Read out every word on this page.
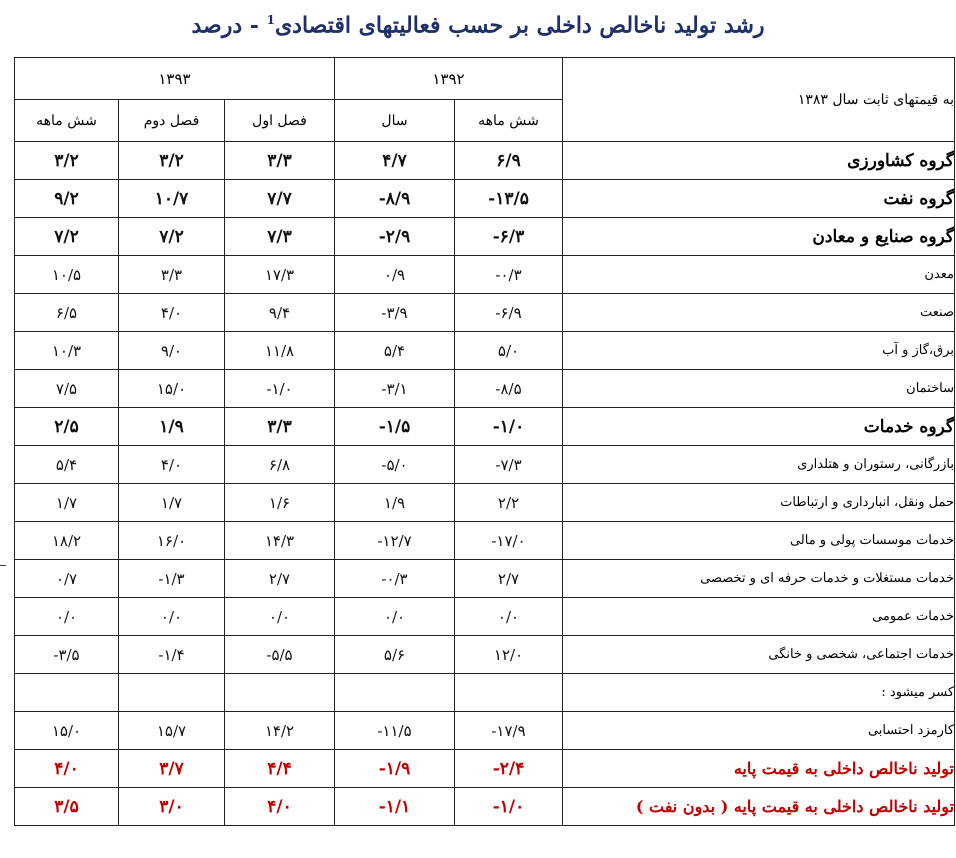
رشد تولید ناخالص داخلی بر حسب فعالیتهای اقتصادی$^1$ - درصد
به قیمتهای ثابت سال ۱۳۸۳	۱۳۹۲		۱۳۹۳		
	شش ماهه	سال	فصل اول	فصل دوم	شش ماهه
گروه کشاورزی	۶/۹	۴/۷	۳/۳	۳/۲	۳/۲
گروه نفت	-۱۳/۵	-۸/۹	۷/۷	۱۰/۷	۹/۲
گروه صنایع و معادن	-۶/۳	-۲/۹	۷/۳	۷/۲	۷/۲
معدن	-۰/۳	۰/۹	۱۷/۳	۳/۳	۱۰/۵
صنعت	-۶/۹	-۳/۹	۹/۴	۴/۰	۶/۵
برق،گاز و آب	۵/۰	۵/۴	۱۱/۸	۹/۰	۱۰/۳
ساختمان	-۸/۵	-۳/۱	-۱/۰	۱۵/۰	۷/۵
گروه خدمات	-۱/۰	-۱/۵	۳/۳	۱/۹	۲/۵
بازرگانی، رستوران و هتلداری	-۷/۳	-۵/۰	۶/۸	۴/۰	۵/۴
حمل ونقل، انبارداری و ارتباطات	۲/۲	۱/۹	۱/۶	۱/۷	۱/۷
خدمات موسسات پولی و مالی	-۱۷/۰	-۱۲/۷	۱۴/۳	۱۶/۰	۱۸/۲
خدمات مستغلات و خدمات حرفه ای و تخصصی	۲/۷	-۰/۳	۲/۷	-۱/۳	۰/۷
خدمات عمومی	۰/۰	۰/۰	۰/۰	۰/۰	۰/۰
خدمات اجتماعی، شخصی و خانگی	۱۲/۰	۵/۶	-۵/۵	-۱/۴	-۳/۵
کسر میشود :					
کارمزد احتسابی	-۱۷/۹	-۱۱/۵	۱۴/۲	۱۵/۷	۱۵/۰
تولید ناخالص داخلی به قیمت پایه	-۲/۴	-۱/۹	۴/۴	۳/۷	۴/۰
تولید ناخالص داخلی به قیمت پایه ( بدون نفت )	-۱/۰	-۱/۱	۴/۰	۳/۰	۳/۵
